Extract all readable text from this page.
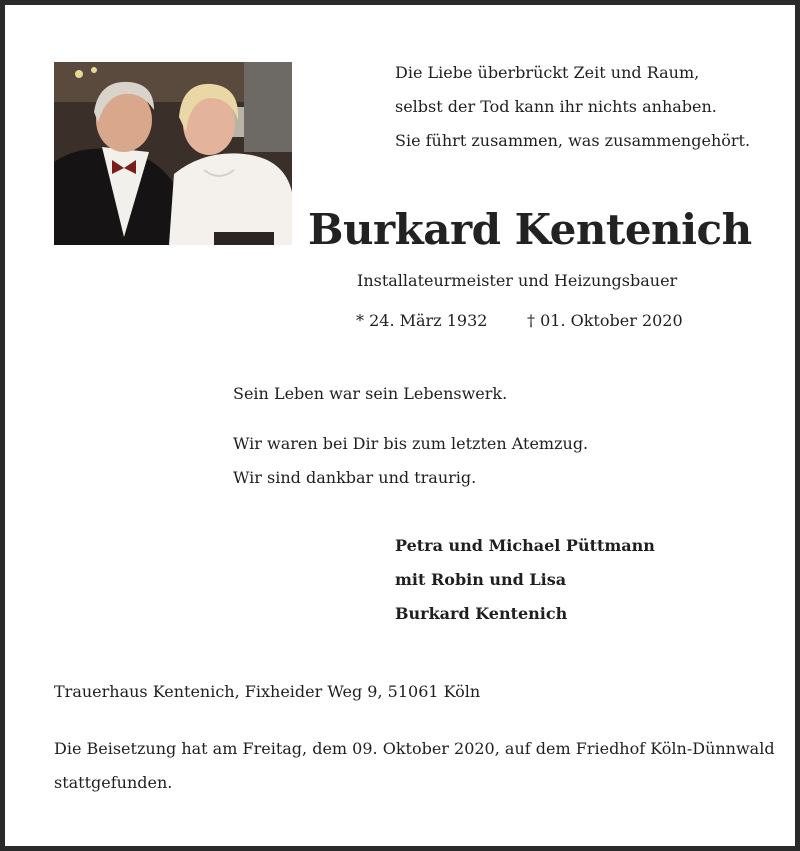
Die Liebe überbrückt Zeit und Raum,
selbst der Tod kann ihr nichts anhaben.
Sie führt zusammen, was zusammengehört.
Burkard Kentenich
Installateurmeister und Heizungsbauer
* 24. März 1932 † 01. Oktober 2020
Sein Leben war sein Lebenswerk.
Wir waren bei Dir bis zum letzten Atemzug.
Wir sind dankbar und traurig.
Petra und Michael Püttmann
mit Robin und Lisa
Burkard Kentenich
Trauerhaus Kentenich, Fixheider Weg 9, 51061 Köln
Die Beisetzung hat am Freitag, dem 09. Oktober 2020, auf dem Friedhof Köln-Dünnwald
stattgefunden.
